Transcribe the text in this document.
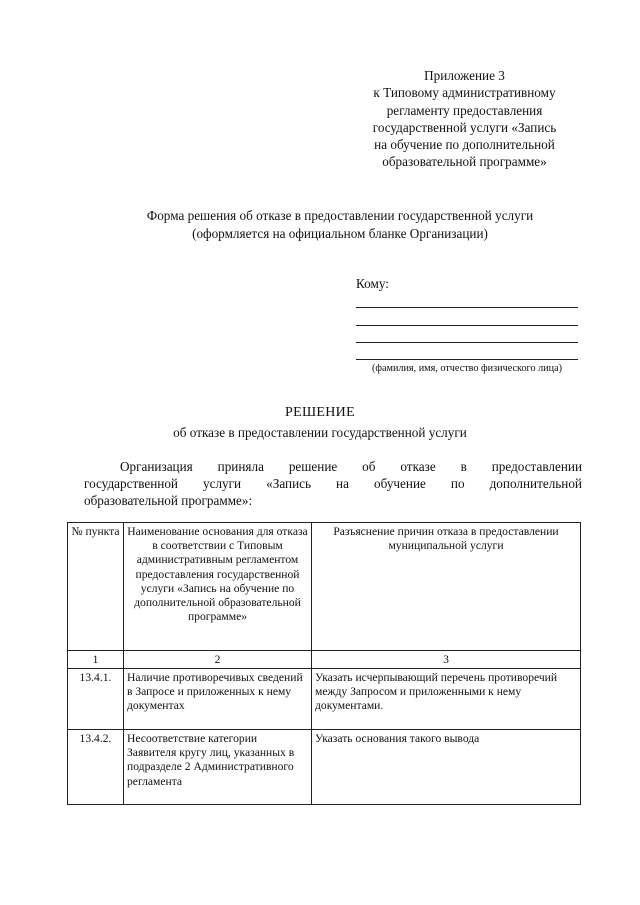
Приложение 3
к Типовому административному
регламенту предоставления
государственной услуги «Запись
на обучение по дополнительной
образовательной программе»
Форма решения об отказе в предоставлении государственной услуги
(оформляется на официальном бланке Организации)
Кому:
(фамилия, имя, отчество физического лица)
РЕШЕНИЕ
об отказе в предоставлении государственной услуги
Организация приняла решение об отказе в предоставлении
государственной услуги «Запись на обучение по дополнительной
образовательной программе»:
№ пункта	Наименование основания для отказа в соответствии с Типовым административным регламентом предоставления государственной услуги «Запись на обучение по дополнительной образовательной программе»	Разъяснение причин отказа в предоставлении муниципальной услуги
1	2	3
13.4.1.	Наличие противоречивых сведений в Запросе и приложенных к нему документах	Указать исчерпывающий перечень противоречий между Запросом и приложенными к нему документами.
13.4.2.	Несоответствие категории Заявителя кругу лиц, указанных в подразделе 2 Административного регламента	Указать основания такого вывода
